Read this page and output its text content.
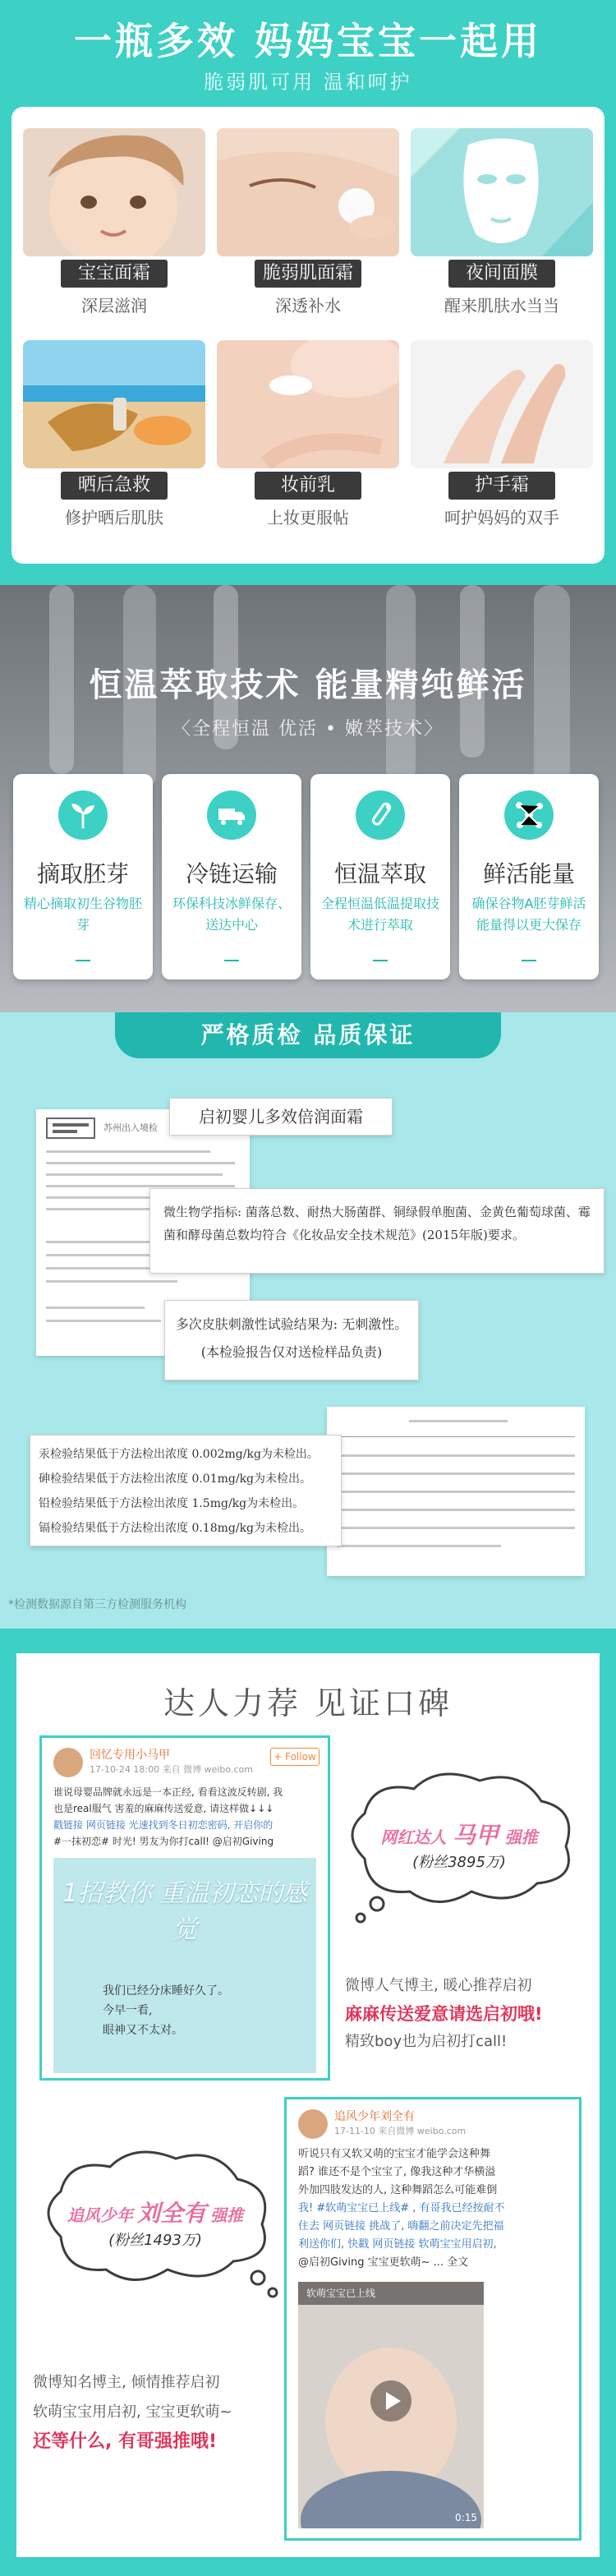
一瓶多效 妈妈宝宝一起用
脆弱肌可用 温和呵护
宝宝面霜
深层滋润
脆弱肌面霜
深透补水
夜间面膜
醒来肌肤水当当
晒后急救
修护晒后肌肤
妆前乳
上妆更服帖
护手霜
呵护妈妈的双手
恒温萃取技术 能量精纯鲜活
〈全程恒温 优活 • 嫩萃技术〉
摘取胚芽
精心摘取初生谷物胚芽
冷链运输
环保科技冰鲜保存、送达中心
恒温萃取
全程恒温低温提取技术进行萃取
鲜活能量
确保谷物A胚芽鲜活能量得以更大保存
严格质检 品质保证
苏州出入境检
启初婴儿多效倍润面霜
微生物学指标: 菌落总数、耐热大肠菌群、铜绿假单胞菌、金黄色葡萄球菌、霉菌和酵母菌总数均符合《化妆品安全技术规范》(2015年版)要求。
多次皮肤刺激性试验结果为: 无刺激性。
(本检验报告仅对送检样品负责)
汞检验结果低于方法检出浓度 0.002mg/kg为未检出。
砷检验结果低于方法检出浓度 0.01mg/kg为未检出。
铅检验结果低于方法检出浓度 1.5mg/kg为未检出。
镉检验结果低于方法检出浓度 0.18mg/kg为未检出。
*检测数据源自第三方检测服务机构
达人力荐 见证口碑
回忆专用小马甲
17-10-24 18:00 来自 微博 weibo.com
+ Follow
谁说母婴品牌就永远是一本正经, 看看这波反转剧, 我
也是real服气 害羞的麻麻传送爱意, 请这样做↓↓↓
戳链接 网页链接 光速找到冬日初恋密码, 开启你的
#一抹初恋# 时光! 男友为你打call! @启初Giving
1招教你 重温初恋的感觉
我们已经分床睡好久了。
今早一看,
眼神又不太对。
网红达人 马甲 强推
(粉丝3895万)
微博人气博主, 暖心推荐启初
麻麻传送爱意请选启初哦!
精致boy也为启初打call!
追风少年刘全有
17-11-10 来自微博 weibo.com
听说只有又软又萌的宝宝才能学会这种舞
蹈? 谁还不是个宝宝了, 像我这种才华横溢
外加四肢发达的人, 这种舞蹈怎么可能难倒
我! #软萌宝宝已上线# , 有哥我已经按耐不
住去 网页链接 挑战了, 嗨翻之前决定先把福
利送你们, 快戳 网页链接 软萌宝宝用启初,
@启初Giving 宝宝更软萌~ ... 全文
软萌宝宝已上线
0:15
追风少年 刘全有 强推
(粉丝1493万)
微博知名博主, 倾情推荐启初
软萌宝宝用启初, 宝宝更软萌~
还等什么, 有哥强推哦!
